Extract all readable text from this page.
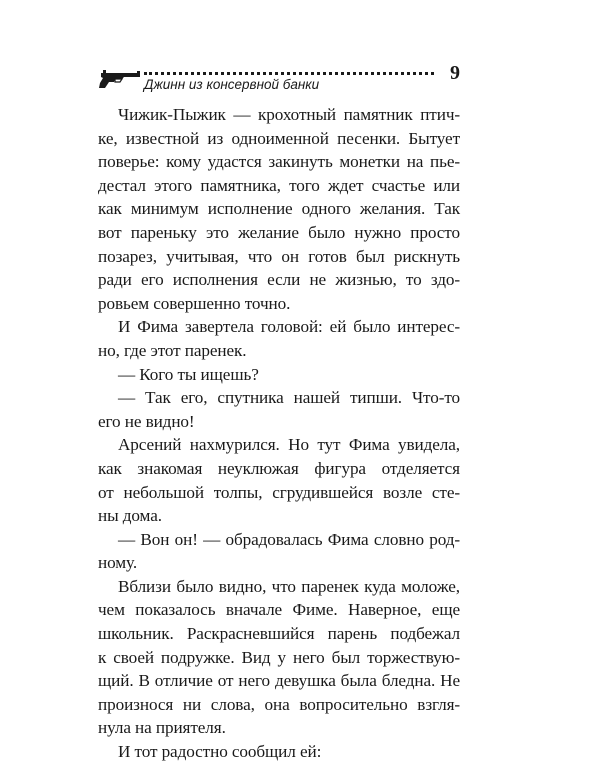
Джинн из консервной банки
9

Чижик-Пыжик — крохотный памятник птич-

ке, известной из одноименной песенки. Бытует

поверье: кому удастся закинуть монетки на пье-

дестал этого памятника, того ждет счастье или

как минимум исполнение одного желания. Так

вот пареньку это желание было нужно просто

позарез, учитывая, что он готов был рискнуть

ради его исполнения если не жизнью, то здо-

ровьем совершенно точно.

И Фима завертела головой: ей было интерес-

но, где этот паренек.

— Кого ты ищешь?

— Так его, спутника нашей типши. Что-то

его не видно!

Арсений нахмурился. Но тут Фима увидела,

как знакомая неуклюжая фигура отделяется

от небольшой толпы, сгрудившейся возле сте-

ны дома.

— Вон он! — обрадовалась Фима словно род-

ному.

Вблизи было видно, что паренек куда моложе,

чем показалось вначале Фиме. Наверное, еще

школьник. Раскрасневшийся парень подбежал

к своей подружке. Вид у него был торжествую-

щий. В отличие от него девушка была бледна. Не

произнося ни слова, она вопросительно взгля-

нула на приятеля.

И тот радостно сообщил ей:
